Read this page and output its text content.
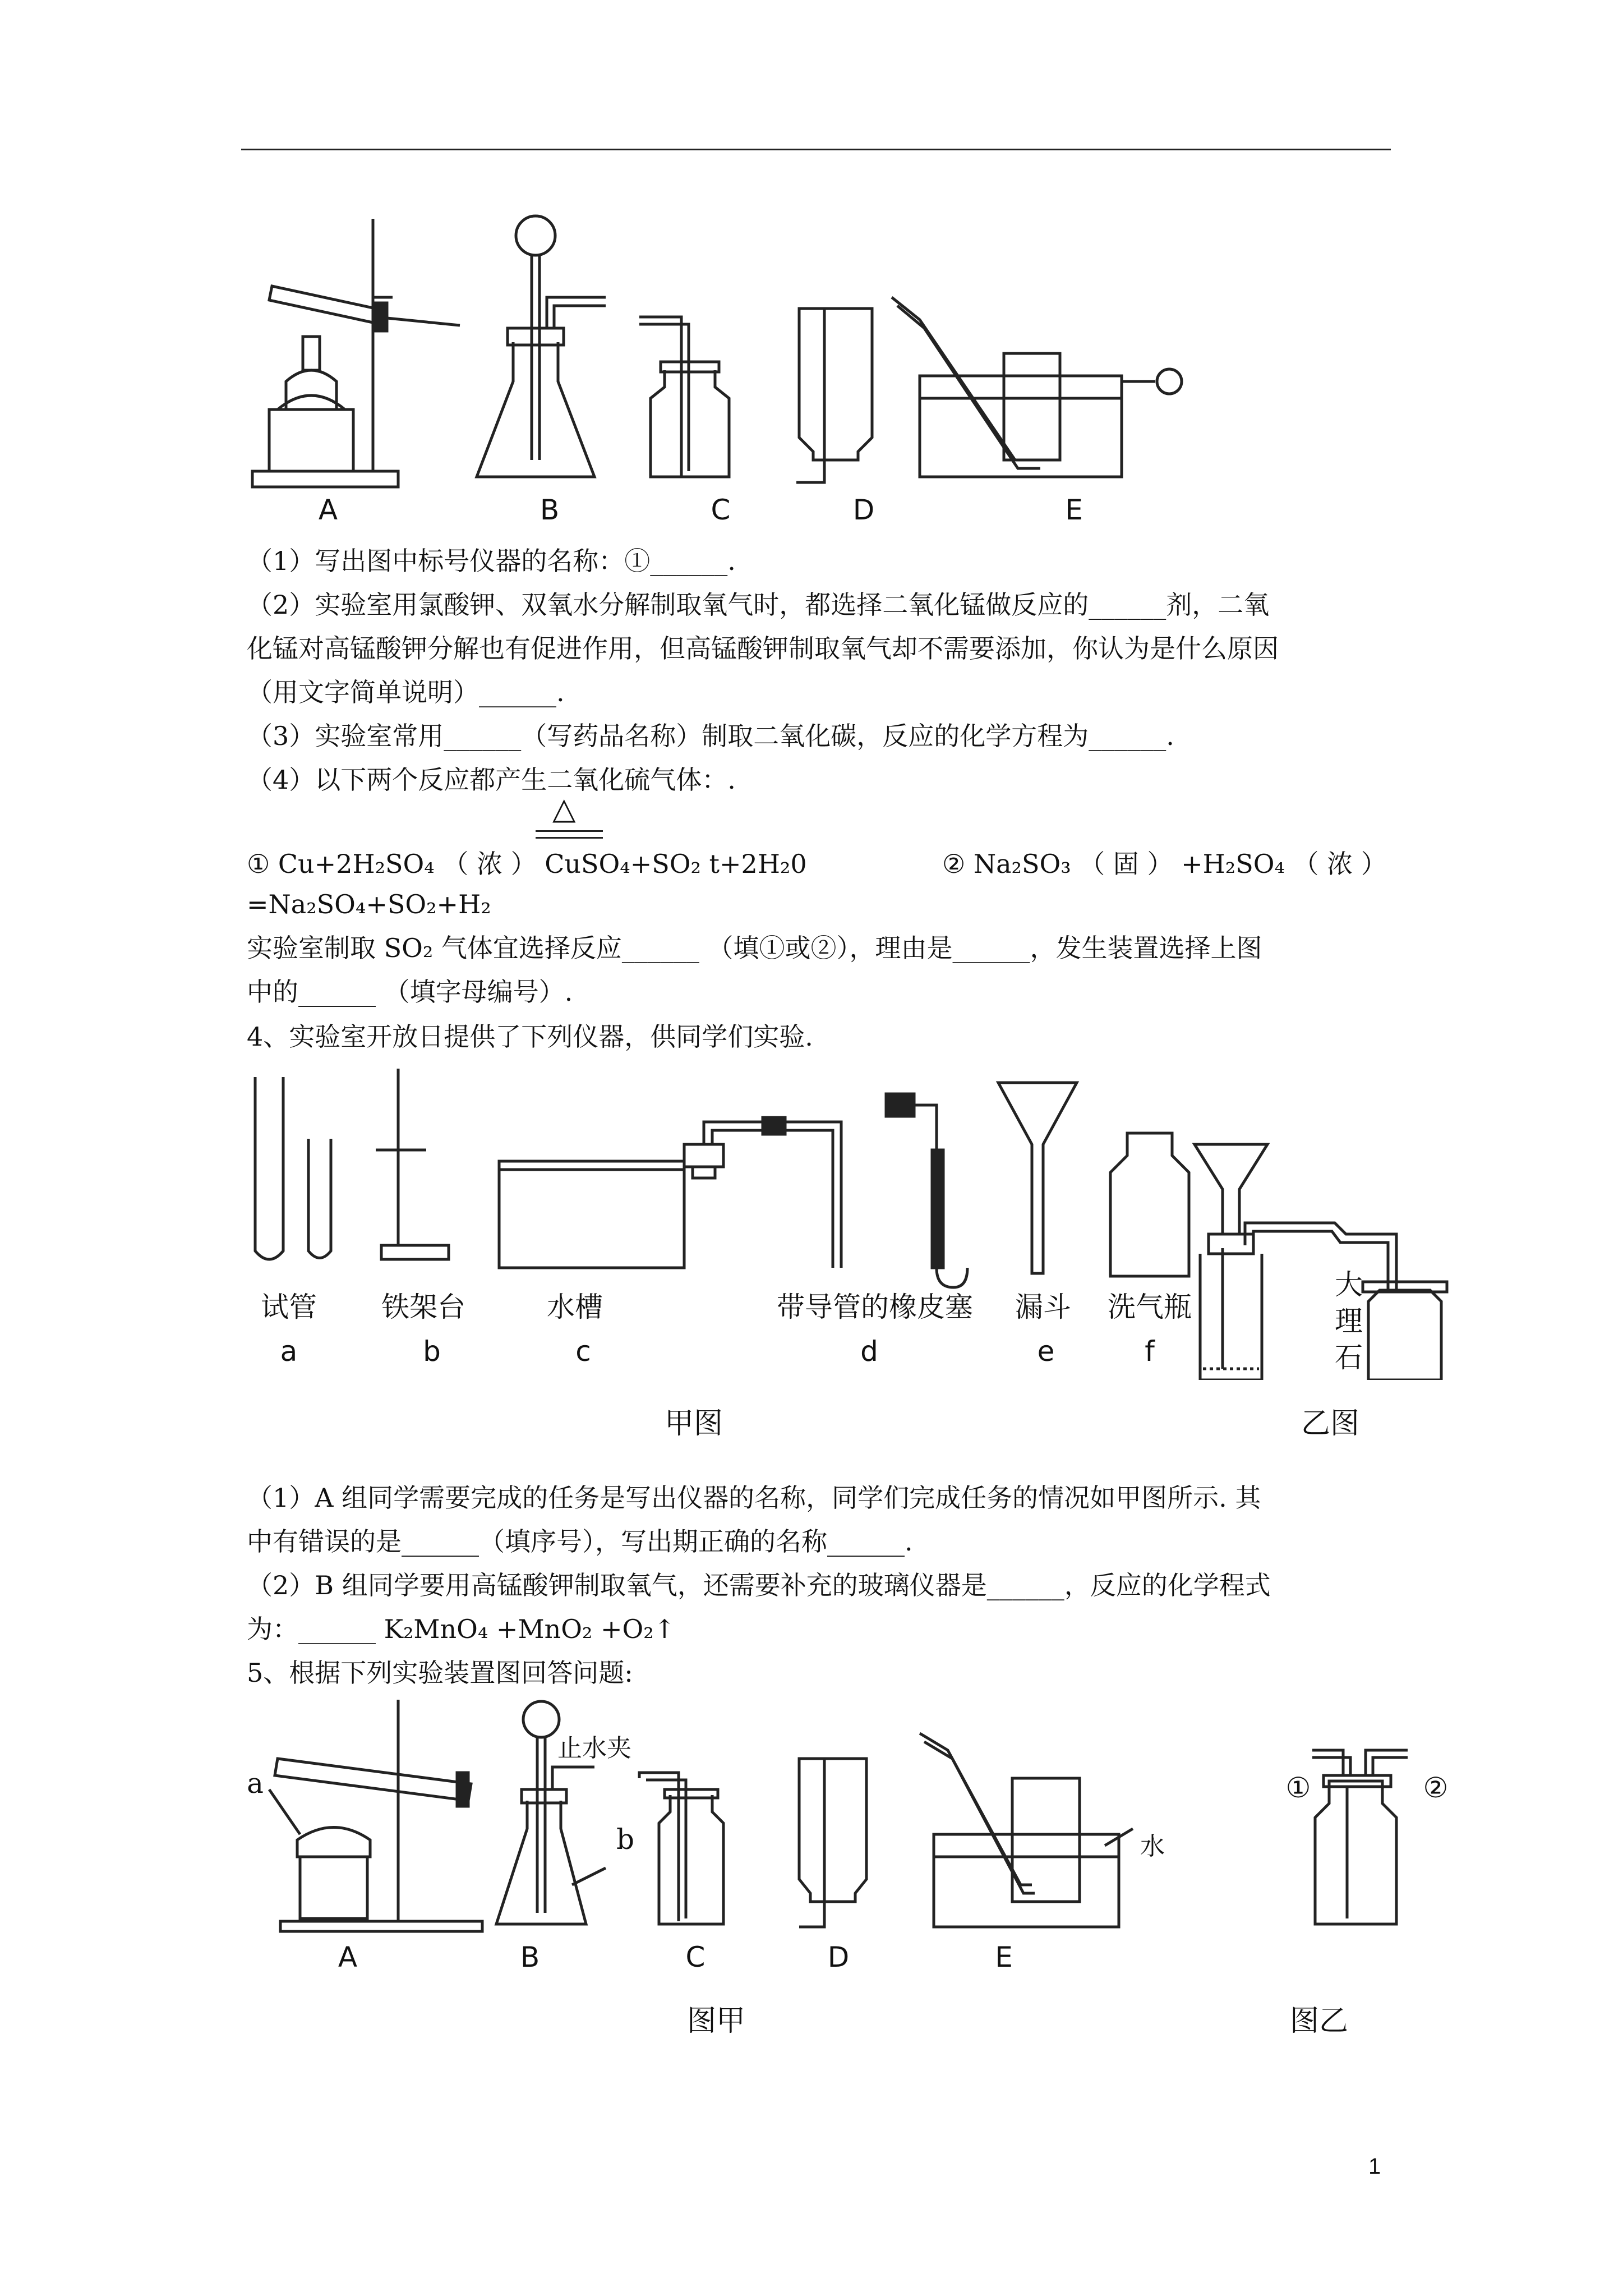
A	B	C	D	E
（1）写出图中标号仪器的名称：①______.
（2）实验室用氯酸钾、双氧水分解制取氧气时，都选择二氧化锰做反应的______剂，二氧
化锰对高锰酸钾分解也有促进作用，但高锰酸钾制取氧气却不需要添加，你认为是什么原因
（用文字简单说明）______.
（3）实验室常用______（写药品名称）制取二氧化碳，反应的化学方程为______.
（4）以下两个反应都产生二氧化硫气体：.
△
① Cu+2H₂SO₄ （ 浓 ） CuSO₄+SO₂ t+2H₂0	② Na₂SO₃ （ 固 ） +H₂SO₄ （ 浓 ）
=Na₂SO₄+SO₂+H₂
实验室制取 SO₂ 气体宜选择反应______ （填①或②），理由是______，发生装置选择上图
中的______ （填字母编号）.
4、实验室开放日提供了下列仪器，供同学们实验.
试管	铁架台	水槽	带导管的橡皮塞	漏斗	洗气瓶
a	b	c	d	e	f
大
理
石
甲图	乙图
（1）A 组同学需要完成的任务是写出仪器的名称，同学们完成任务的情况如甲图所示. 其
中有错误的是______（填序号），写出期正确的名称______.
（2）B 组同学要用高锰酸钾制取氧气，还需要补充的玻璃仪器是______，反应的化学程式
为：______ K₂MnO₄ +MnO₂ +O₂↑
5、根据下列实验装置图回答问题:
a
b
止水夹
水
①	②
A	B	C	D	E
图甲	图乙
1
